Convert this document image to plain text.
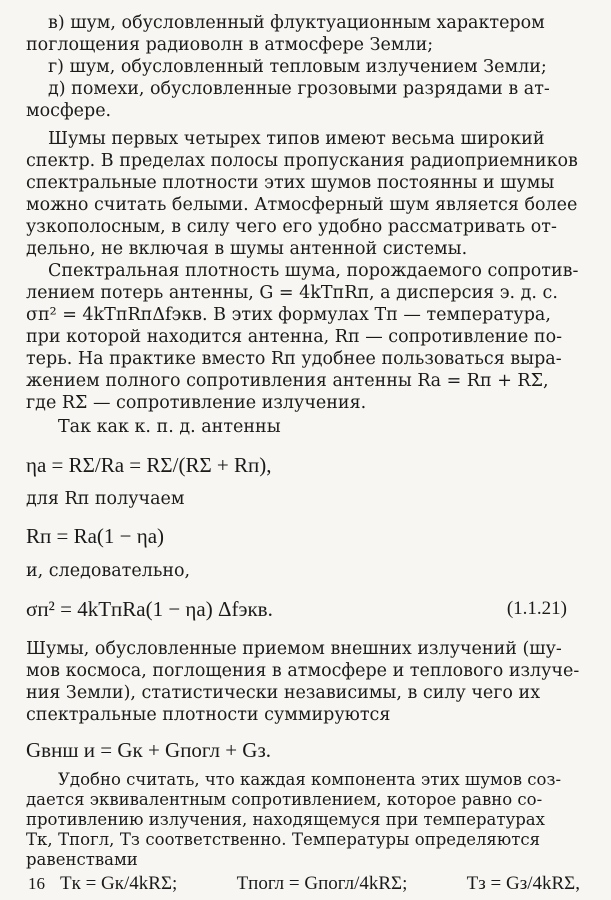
в) шум, обусловленный флуктуационным характером
поглощения радиоволн в атмосфере Земли;
г) шум, обусловленный тепловым излучением Земли;
д) помехи, обусловленные грозовыми разрядами в ат-
мосфере.
Шумы первых четырех типов имеют весьма широкий
спектр. В пределах полосы пропускания радиоприемников
спектральные плотности этих шумов постоянны и шумы
можно считать белыми. Атмосферный шум является более
узкополосным, в силу чего его удобно рассматривать от-
дельно, не включая в шумы антенной системы.
Спектральная плотность шума, порождаемого сопротив-
лением потерь антенны, G = 4kTпRп, а дисперсия э. д. с.
σп² = 4kTпRпΔfэкв. В этих формулах Tп — температура,
при которой находится антенна, Rп — сопротивление по-
терь. На практике вместо Rп удобнее пользоваться выра-
жением полного сопротивления антенны Rа = Rп + RΣ,
где RΣ — сопротивление излучения.
Так как к. п. д. антенны
ηа = RΣ/Rа = RΣ/(RΣ + Rп),
для Rп получаем
Rп = Rа(1 − ηа)
и, следовательно,
σп² = 4kTпRа(1 − ηа) Δfэкв.	(1.1.21)
Шумы, обусловленные приемом внешних излучений (шу-
мов космоса, поглощения в атмосфере и теплового излуче-
ния Земли), статистически независимы, в силу чего их
спектральные плотности суммируются
Gвнш и = Gк + Gпогл + Gз.
Удобно считать, что каждая компонента этих шумов соз-
дается эквивалентным сопротивлением, которое равно со-
противлению излучения, находящемуся при температурах
Tк, Tпогл, Tз соответственно. Температуры определяются
равенствами
16 Tк = Gк/4kRΣ;	Tпогл = Gпогл/4kRΣ;	Tз = Gз/4kRΣ,
